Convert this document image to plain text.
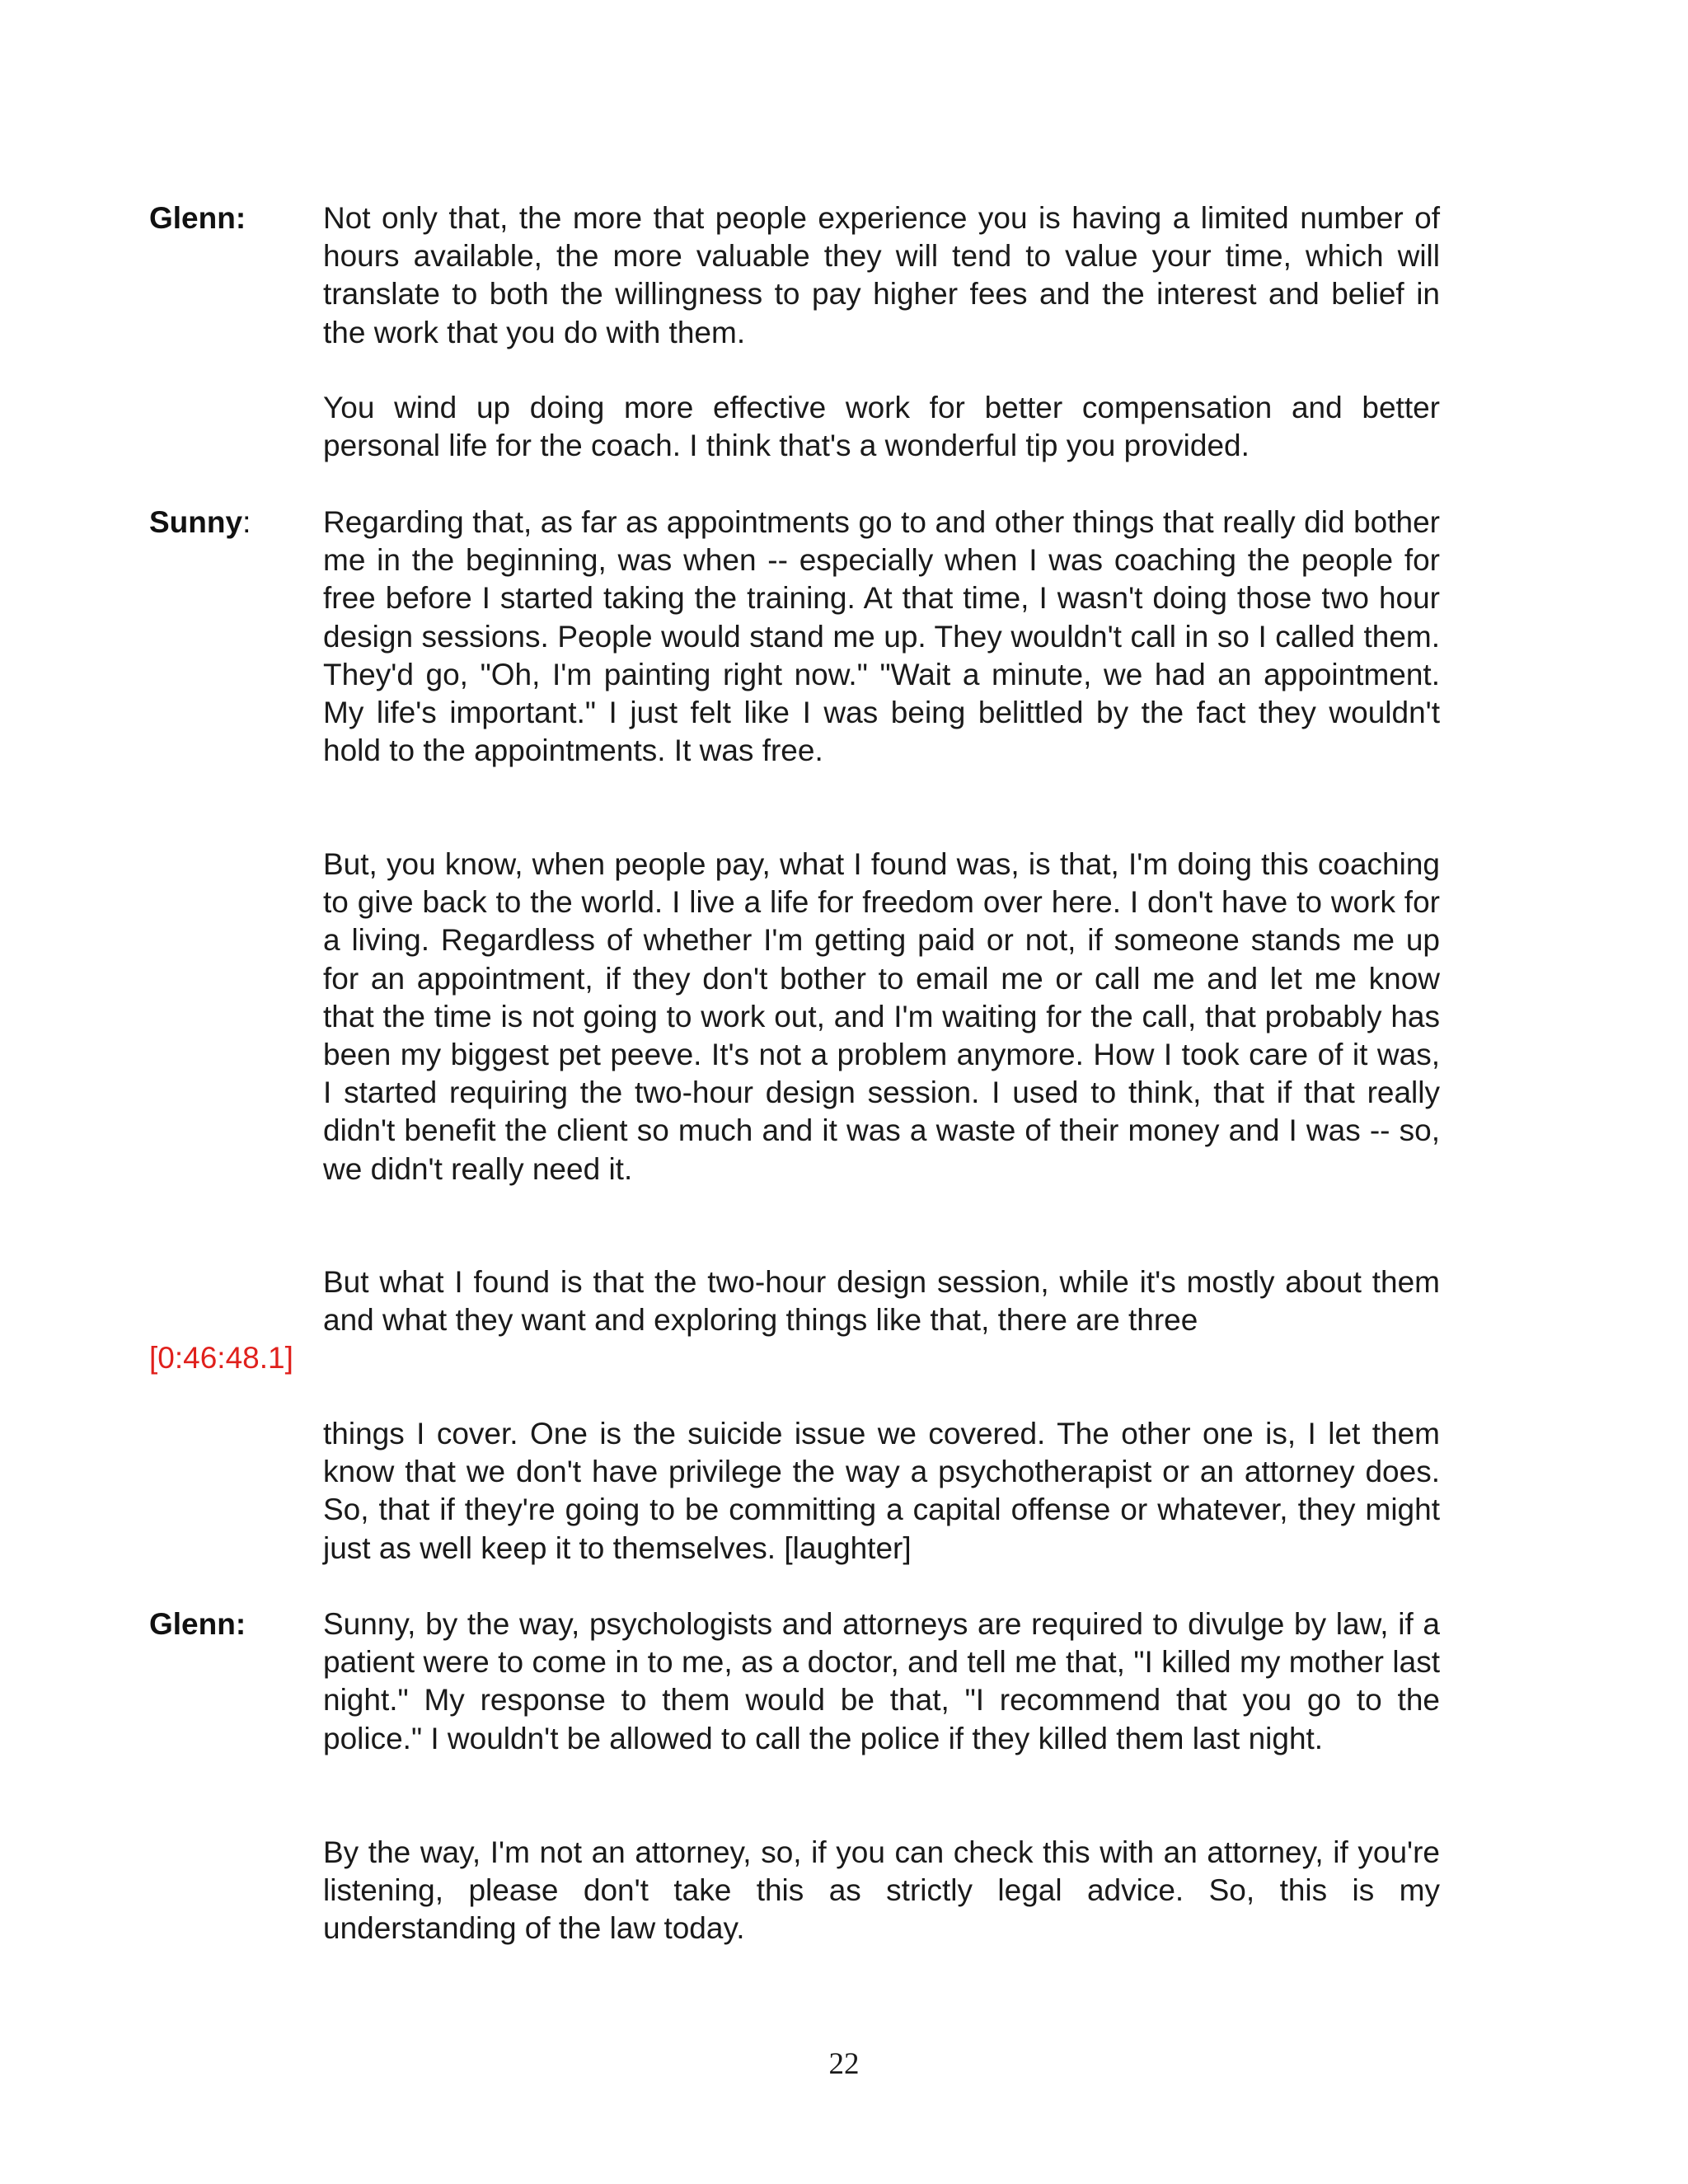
Glenn:	Not only that, the more that people experience you is having a limited number of hours available, the more valuable they will tend to value your time, which will translate to both the willingness to pay higher fees and the interest and belief in the work that you do with them.

You wind up doing more effective work for better compensation and better personal life for the coach. I think that's a wonderful tip you provided.

Sunny: Regarding that, as far as appointments go to and other things that really did bother me in the beginning, was when -- especially when I was coaching the people for free before I started taking the training. At that time, I wasn't doing those two hour design sessions. People would stand me up. They wouldn't call in so I called them. They'd go, "Oh, I'm painting right now." "Wait a minute, we had an appointment. My life's important." I just felt like I was being belittled by the fact they wouldn't hold to the appointments. It was free.

But, you know, when people pay, what I found was, is that, I'm doing this coaching to give back to the world. I live a life for freedom over here. I don't have to work for a living. Regardless of whether I'm getting paid or not, if someone stands me up for an appointment, if they don't bother to email me or call me and let me know that the time is not going to work out, and I'm waiting for the call, that probably has been my biggest pet peeve. It's not a problem anymore. How I took care of it was, I started requiring the two-hour design session. I used to think, that if that really didn't benefit the client so much and it was a waste of their money and I was -- so, we didn't really need it.

But what I found is that the two-hour design session, while it's mostly about them and what they want and exploring things like that, there are three

[0:46:48.1]

things I cover. One is the suicide issue we covered. The other one is, I let them know that we don't have privilege the way a psychotherapist or an attorney does. So, that if they're going to be committing a capital offense or whatever, they might just as well keep it to themselves. [laughter]

Glenn:	Sunny, by the way, psychologists and attorneys are required to divulge by law, if a patient were to come in to me, as a doctor, and tell me that, "I killed my mother last night." My response to them would be that, "I recommend that you go to the police." I wouldn't be allowed to call the police if they killed them last night.

By the way, I'm not an attorney, so, if you can check this with an attorney, if you're listening, please don't take this as strictly legal advice. So, this is my understanding of the law today.

22
